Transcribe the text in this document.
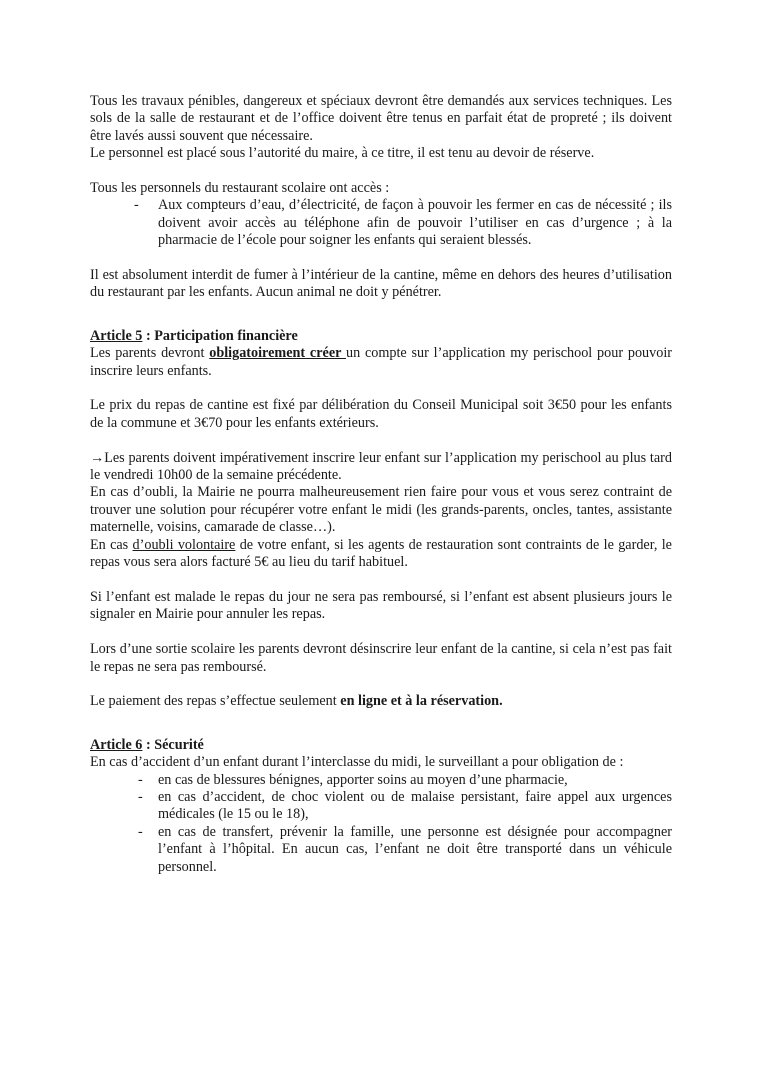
Tous les travaux pénibles, dangereux et spéciaux devront être demandés aux services techniques. Les sols de la salle de restaurant et de l’office doivent être tenus en parfait état de propreté ; ils doivent être lavés aussi souvent que nécessaire.

Le personnel est placé sous l’autorité du maire, à ce titre, il est tenu au devoir de réserve.

Tous les personnels du restaurant scolaire ont accès :

- Aux compteurs d’eau, d’électricité, de façon à pouvoir les fermer en cas de nécessité ; ils doivent avoir accès au téléphone afin de pouvoir l’utiliser en cas d’urgence ; à la pharmacie de l’école pour soigner les enfants qui seraient blessés.

Il est absolument interdit de fumer à l’intérieur de la cantine, même en dehors des heures d’utilisation du restaurant par les enfants. Aucun animal ne doit y pénétrer.

Article 5 : Participation financière

Les parents devront obligatoirement créer un compte sur l’application my perischool pour pouvoir inscrire leurs enfants.

Le prix du repas de cantine est fixé par délibération du Conseil Municipal soit 3€50 pour les enfants de la commune et 3€70 pour les enfants extérieurs.

→Les parents doivent impérativement inscrire leur enfant sur l’application my perischool au plus tard le vendredi 10h00 de la semaine précédente.

En cas d’oubli, la Mairie ne pourra malheureusement rien faire pour vous et vous serez contraint de trouver une solution pour récupérer votre enfant le midi (les grands-parents, oncles, tantes, assistante maternelle, voisins, camarade de classe…).

En cas d’oubli volontaire de votre enfant, si les agents de restauration sont contraints de le garder, le repas vous sera alors facturé 5€ au lieu du tarif habituel.

Si l’enfant est malade le repas du jour ne sera pas remboursé, si l’enfant est absent plusieurs jours le signaler en Mairie pour annuler les repas.

Lors d’une sortie scolaire les parents devront désinscrire leur enfant de la cantine, si cela n’est pas fait le repas ne sera pas remboursé.

Le paiement des repas s’effectue seulement en ligne et à la réservation.

Article 6 : Sécurité

En cas d’accident d’un enfant durant l’interclasse du midi, le surveillant a pour obligation de :

- en cas de blessures bénignes, apporter soins au moyen d’une pharmacie,
- en cas d’accident, de choc violent ou de malaise persistant, faire appel aux urgences médicales (le 15 ou le 18),
- en cas de transfert, prévenir la famille, une personne est désignée pour accompagner l’enfant à l’hôpital. En aucun cas, l’enfant ne doit être transporté dans un véhicule personnel.
